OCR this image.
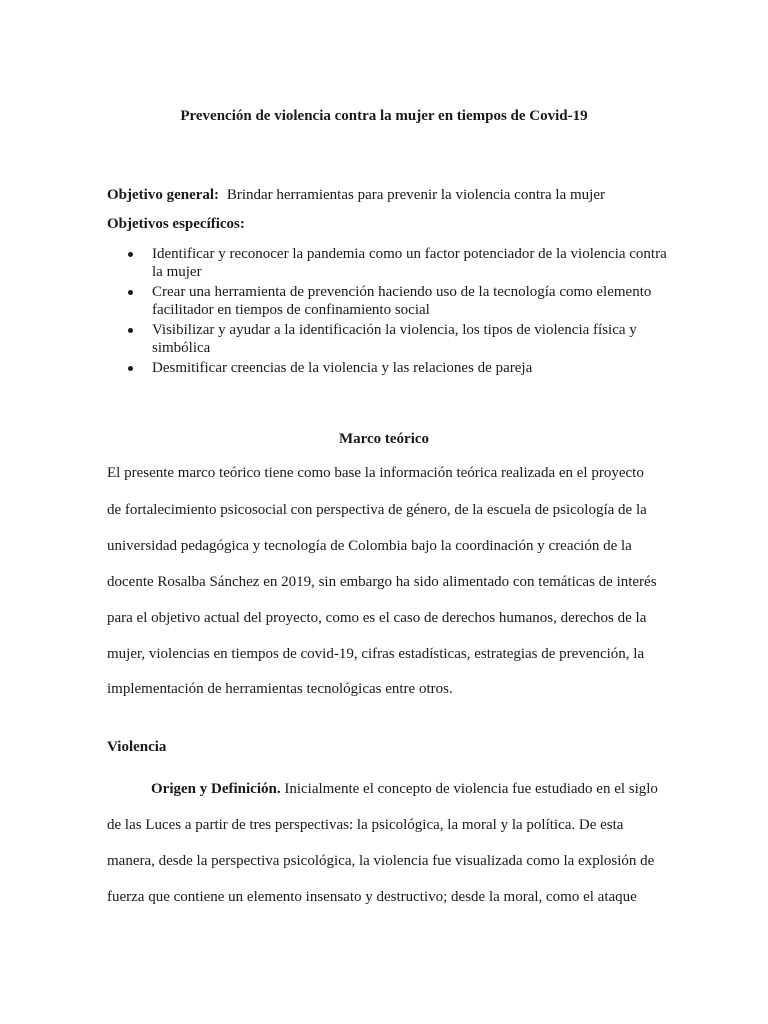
Prevención de violencia contra la mujer en tiempos de Covid-19
Objetivo general: Brindar herramientas para prevenir la violencia contra la mujer
Objetivos específicos:
Identificar y reconocer la pandemia como un factor potenciador de la violencia contra la mujer
Crear una herramienta de prevención haciendo uso de la tecnología como elemento facilitador en tiempos de confinamiento social
Visibilizar y ayudar a la identificación la violencia, los tipos de violencia física y simbólica
Desmitificar creencias de la violencia y las relaciones de pareja
Marco teórico
El presente marco teórico tiene como base la información teórica realizada en el proyecto
de fortalecimiento psicosocial con perspectiva de género, de la escuela de psicología de la
universidad pedagógica y tecnología de Colombia bajo la coordinación y creación de la
docente Rosalba Sánchez en 2019, sin embargo ha sido alimentado con temáticas de interés
para el objetivo actual del proyecto, como es el caso de derechos humanos, derechos de la
mujer, violencias en tiempos de covid-19, cifras estadísticas, estrategias de prevención, la
implementación de herramientas tecnológicas entre otros.
Violencia
Origen y Definición. Inicialmente el concepto de violencia fue estudiado en el siglo
de las Luces a partir de tres perspectivas: la psicológica, la moral y la política. De esta
manera, desde la perspectiva psicológica, la violencia fue visualizada como la explosión de
fuerza que contiene un elemento insensato y destructivo; desde la moral, como el ataque
